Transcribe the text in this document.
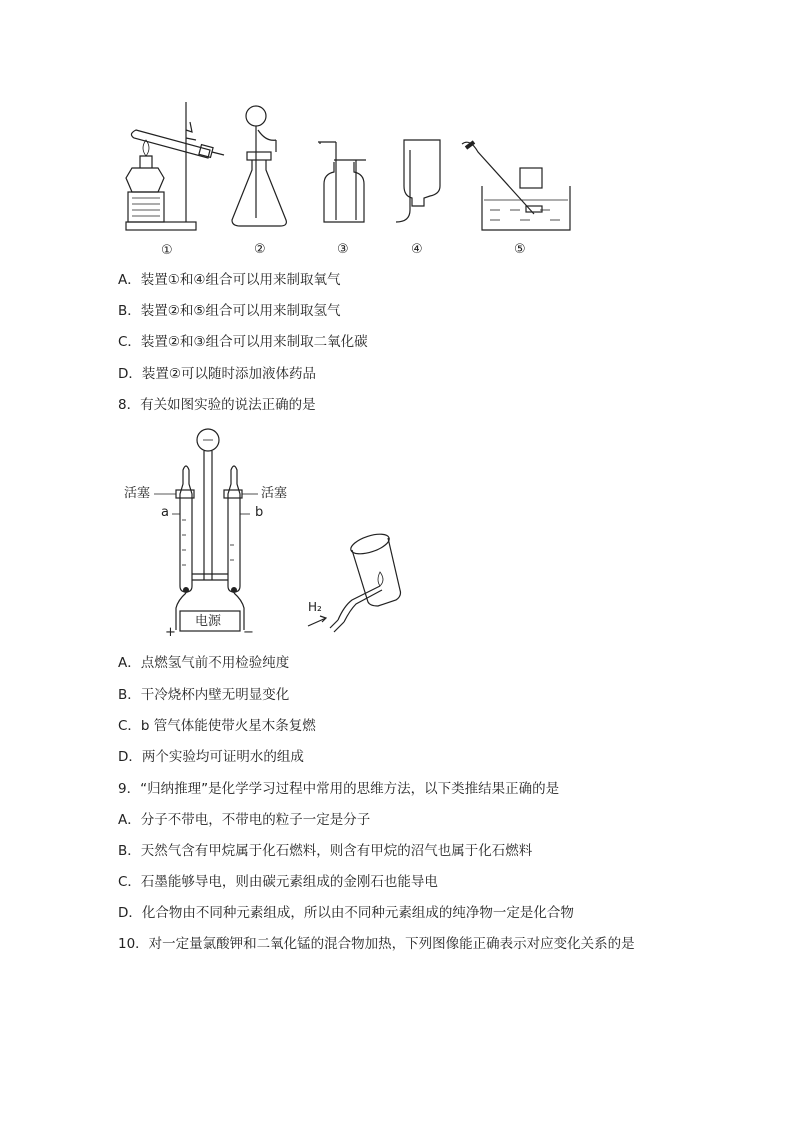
①	②	③	④	⑤
A．装置①和④组合可以用来制取氧气
B．装置②和⑤组合可以用来制取氢气
C．装置②和③组合可以用来制取二氧化碳
D．装置②可以随时添加液体药品
8．有关如图实验的说法正确的是
活塞	活塞
a	b
电源
+	−
H₂
A．点燃氢气前不用检验纯度
B．干冷烧杯内壁无明显变化
C．b 管气体能使带火星木条复燃
D．两个实验均可证明水的组成
9．“归纳推理”是化学学习过程中常用的思维方法，以下类推结果正确的是
A．分子不带电，不带电的粒子一定是分子
B．天然气含有甲烷属于化石燃料，则含有甲烷的沼气也属于化石燃料
C．石墨能够导电，则由碳元素组成的金刚石也能导电
D．化合物由不同种元素组成，所以由不同种元素组成的纯净物一定是化合物
10．对一定量氯酸钾和二氧化锰的混合物加热，下列图像能正确表示对应变化关系的是
